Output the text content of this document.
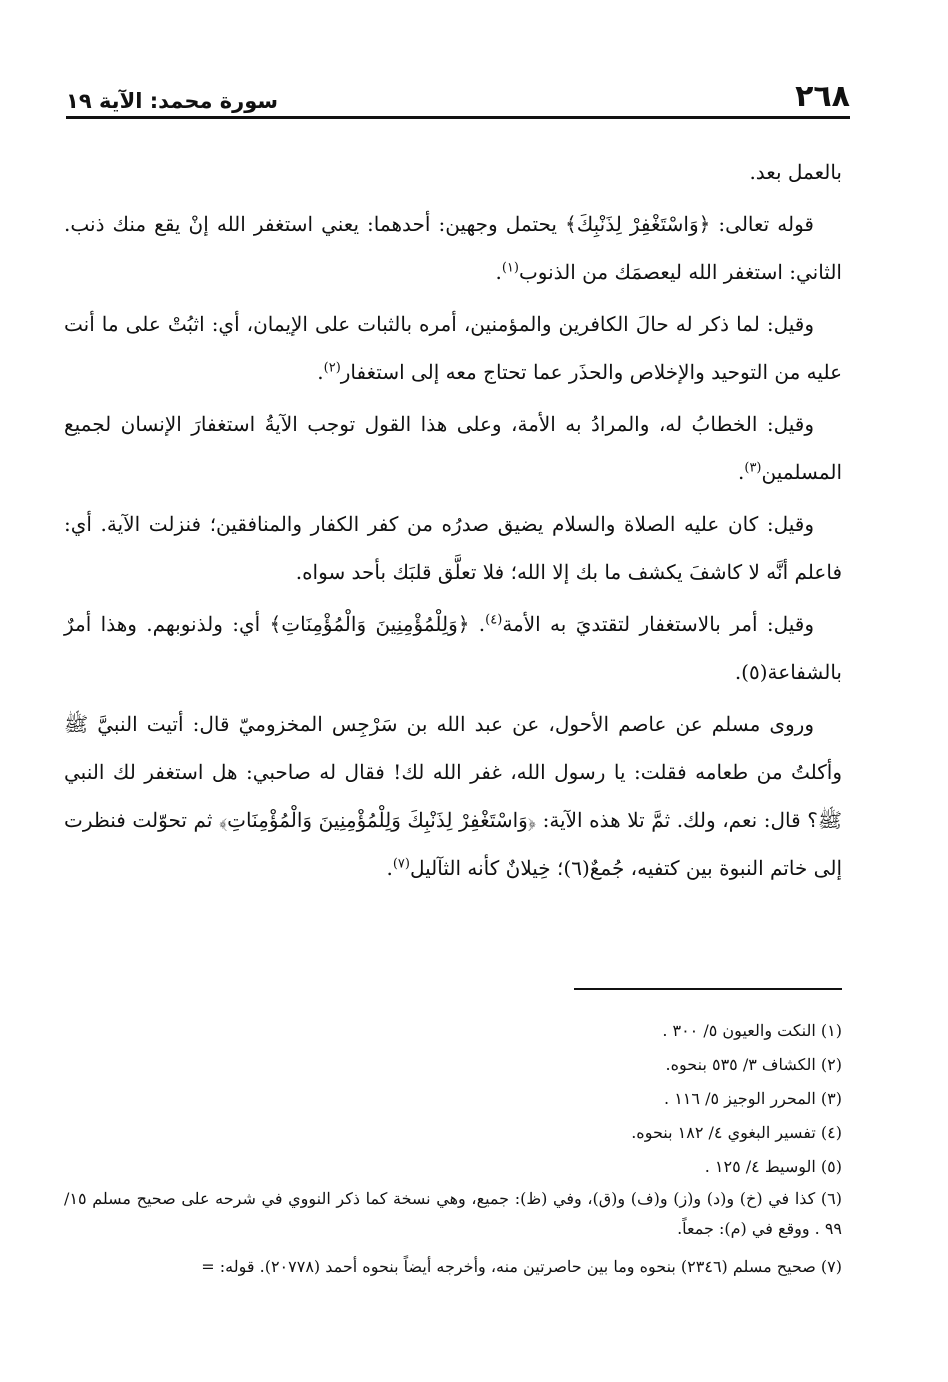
٢٦٨
سورة محمد: الآية ١٩

بالعمل بعد.

قوله تعالى: ﴿وَاسْتَغْفِرْ لِذَنْبِكَ﴾ يحتمل وجهين: أحدهما: يعني استغفر الله إنْ يقع منك ذنب. الثاني: استغفر الله ليعصمَك من الذنوب$^{(١)}$.

وقيل: لما ذكر له حالَ الكافرين والمؤمنين، أمره بالثبات على الإيمان، أي: اثبُتْ على ما أنت عليه من التوحيد والإخلاص والحذَر عما تحتاج معه إلى استغفار$^{(٢)}$.

وقيل: الخطابُ له، والمرادُ به الأمة، وعلى هذا القول توجب الآيةُ استغفارَ الإنسان لجميع المسلمين$^{(٣)}$.

وقيل: كان عليه الصلاة والسلام يضيق صدرُه من كفر الكفار والمنافقين؛ فنزلت الآية. أي: فاعلم أنَّه لا كاشفَ يكشف ما بك إلا الله؛ فلا تعلَّق قلبَك بأحد سواه.

وقيل: أمر بالاستغفار لتقتديَ به الأمة$^{(٤)}$. ﴿وَلِلْمُؤْمِنِينَ وَالْمُؤْمِنَاتِ﴾ أي: ولذنوبهم. وهذا أمرٌ بالشفاعة(٥).

وروى مسلم عن عاصم الأحول، عن عبد الله بن سَرْجِس المخزوميّ قال: أتيت النبيَّ ﷺ وأكلتُ من طعامه فقلت: يا رسول الله، غفر الله لك! فقال له صاحبي: هل استغفر لك النبي ﷺ؟ قال: نعم، ولك. ثمَّ تلا هذه الآية: ﴿وَاسْتَغْفِرْ لِذَنْبِكَ وَلِلْمُؤْمِنِينَ وَالْمُؤْمِنَاتِ﴾ ثم تحوّلت فنظرت إلى خاتم النبوة بين كتفيه، جُمعٌ(٦)؛ خِيلانٌ كأنه الثآليل$^{(٧)}$.

(١) النكت والعيون ٥/ ٣٠٠ .

(٢) الكشاف ٣/ ٥٣٥ بنحوه.

(٣) المحرر الوجيز ٥/ ١١٦ .

(٤) تفسير البغوي ٤/ ١٨٢ بنحوه.

(٥) الوسيط ٤/ ١٢٥ .

(٦) كذا في (خ) و(د) و(ز) و(ف) و(ق)، وفي (ظ): جميع، وهي نسخة كما ذكر النووي في شرحه على صحيح مسلم ١٥/ ٩٩ . ووقع في (م): جمعاً.

(٧) صحيح مسلم (٢٣٤٦) بنحوه وما بين حاصرتين منه، وأخرجه أيضاً بنحوه أحمد (٢٠٧٧٨). قوله: =
